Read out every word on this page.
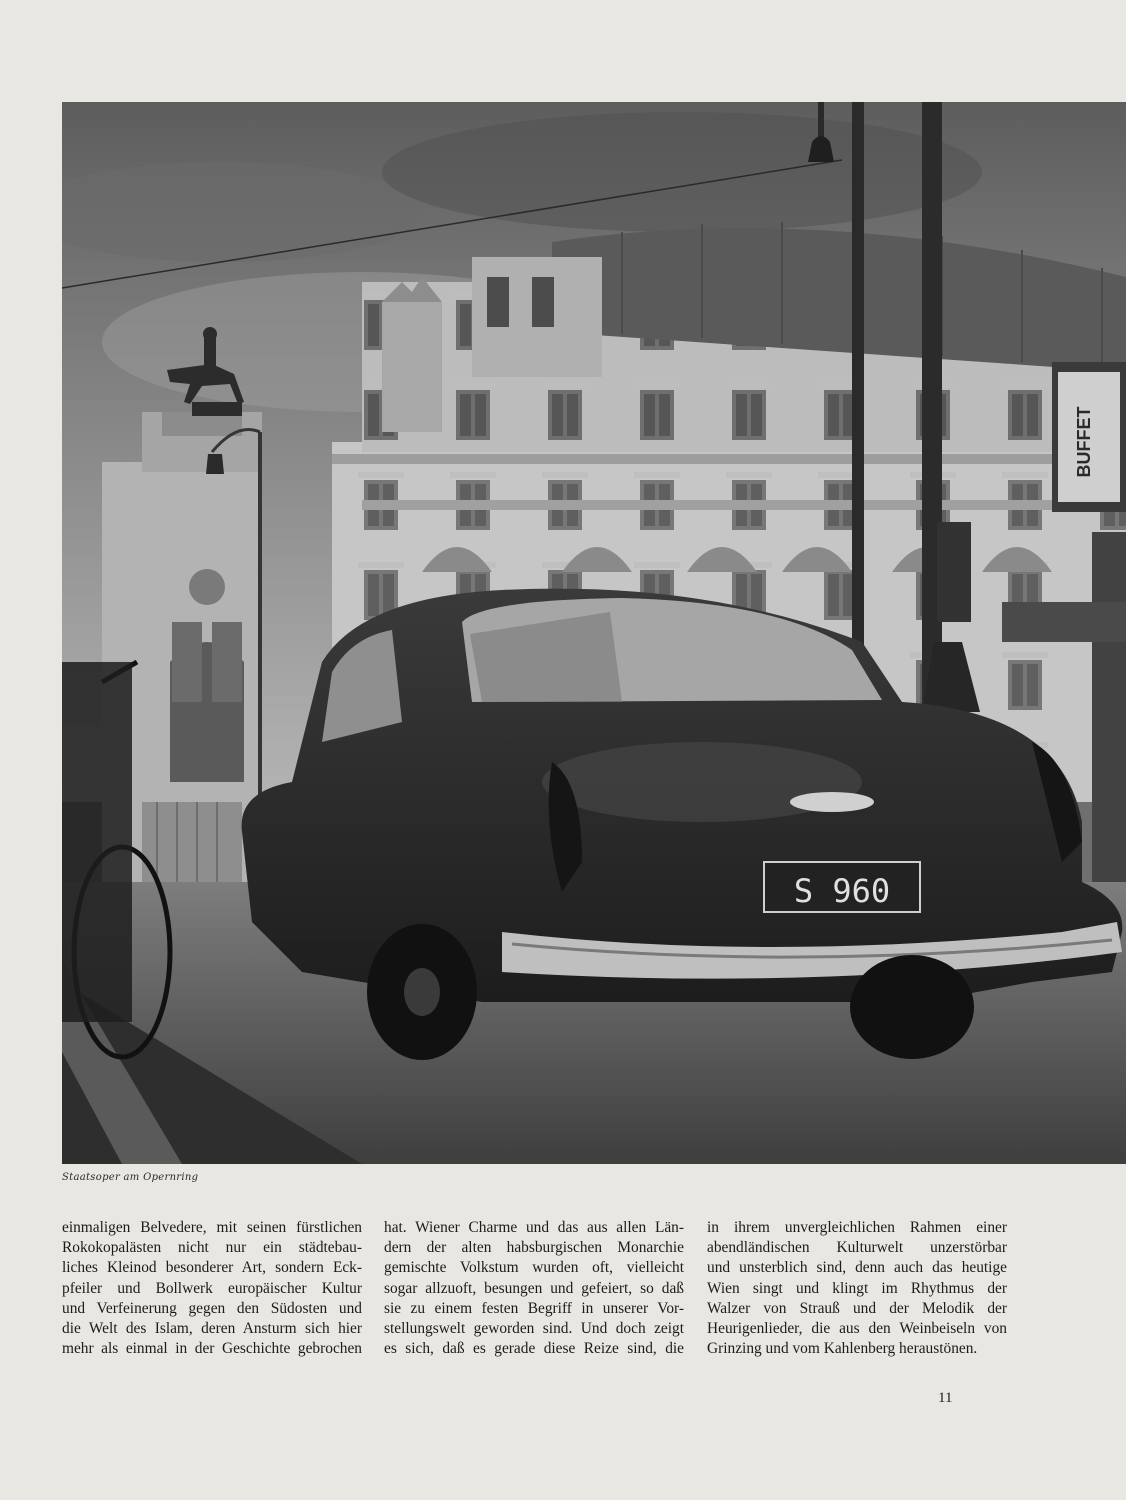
S 960
BUFFET
Staatsoper am Opernring
einmaligen Belvedere, mit seinen fürstlichen
Rokokopalästen nicht nur ein städtebau-
liches Kleinod besonderer Art, sondern Eck-
pfeiler und Bollwerk europäischer Kultur
und Verfeinerung gegen den Südosten und
die Welt des Islam, deren Ansturm sich hier
mehr als einmal in der Geschichte gebrochen
hat. Wiener Charme und das aus allen Län-
dern der alten habsburgischen Monarchie
gemischte Volkstum wurden oft, vielleicht
sogar allzuoft, besungen und gefeiert, so daß
sie zu einem festen Begriff in unserer Vor-
stellungswelt geworden sind. Und doch zeigt
es sich, daß es gerade diese Reize sind, die
in ihrem unvergleichlichen Rahmen einer
abendländischen Kulturwelt unzerstörbar
und unsterblich sind, denn auch das heutige
Wien singt und klingt im Rhythmus der
Walzer von Strauß und der Melodik der
Heurigenlieder, die aus den Weinbeiseln von
Grinzing und vom Kahlenberg heraustönen.
11
